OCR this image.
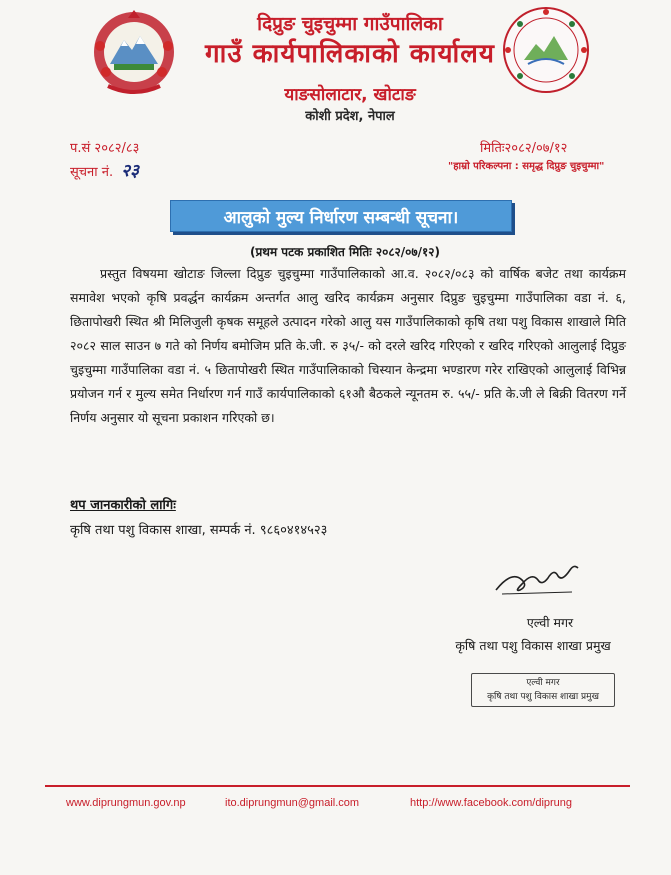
दिप्रुङ चुइचुम्मा गाउँपालिका
गाउँ कार्यपालिकाको कार्यालय
याङसोलाटार, खोटाङ
कोशी प्रदेश, नेपाल
प.सं २०८२/८३
सूचना नं. २३
मितिः२०८२/०७/१२
"हाम्रो परिकल्पना : समृद्ध दिप्रुङ चुइचुम्मा"
आलुको मुल्य निर्धारण सम्बन्धी सूचना।
(प्रथम पटक प्रकाशित मितिः २०८२/०७/१२)

प्रस्तुत विषयमा खोटाङ जिल्ला दिप्रुङ चुइचुम्मा गाउँपालिकाको आ.व. २०८२/०८३ को वार्षिक बजेट तथा कार्यक्रम समावेश भएको कृषि प्रवर्द्धन कार्यक्रम अन्तर्गत आलु खरिद कार्यक्रम अनुसार दिप्रुङ चुइचुम्मा गाउँपालिका वडा नं. ६, छितापोखरी स्थित श्री मिलिजुली कृषक समूहले उत्पादन गरेको आलु यस गाउँपालिकाको कृषि तथा पशु विकास शाखाले मिति २०८२ साल साउन ७ गते को निर्णय बमोजिम प्रति के.जी. रु ३५/- को दरले खरिद गरिएको र खरिद गरिएको आलुलाई दिप्रुङ चुइचुम्मा गाउँपालिका वडा नं. ५ छितापोखरी स्थित गाउँपालिकाको चिस्यान केन्द्रमा भण्डारण गरेर राखिएको आलुलाई विभिन्न प्रयोजन गर्न र मुल्य समेत निर्धारण गर्न गाउँ कार्यपालिकाको ६१औ बैठकले न्यूनतम रु. ५५/- प्रति के.जी ले बिक्री वितरण गर्ने निर्णय अनुसार यो सूचना प्रकाशन गरिएको छ।

थप जानकारीको लागिः
कृषि तथा पशु विकास शाखा, सम्पर्क नं. ९८६०४१४५२३
एल्वी मगर
कृषि तथा पशु विकास शाखा प्रमुख
एल्वी मगर
कृषि तथा पशु विकास शाखा प्रमुख
www.diprungmun.gov.np	ito.diprungmun@gmail.com	http://www.facebook.com/diprung
